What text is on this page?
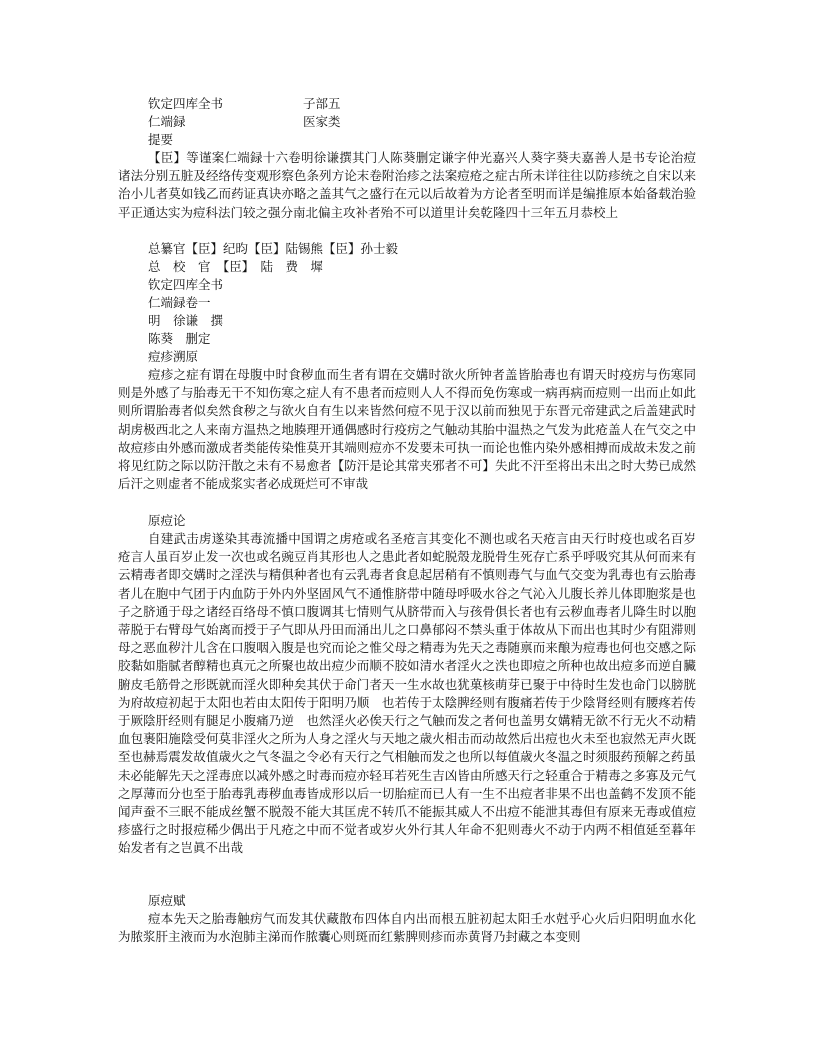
钦定四库全书	子部五
仁端録	医家类
提要

【臣】等谨案仁端録十六卷明徐谦撰其门人陈葵删定谦字仲光嘉兴人葵字葵夫嘉善人是书专论治痘诸法分别五脏及经络传变观形察色条列方论末卷附治疹之法案痘疮之症古所未详往往以防疹统之自宋以来治小儿者莫如钱乙而药证真诀亦略之盖其气之盛行在元以后故着为方论者至明而详是编推原本始备载治验平正通达实为痘科法门较之强分南北偏主攻补者殆不可以道里计矣乾隆四十三年五月恭校上

总纂官【臣】纪昀【臣】陆锡熊【臣】孙士毅
总　校　官　【臣】　陆　费　墀
钦定四库全书
仁端録卷一
明　徐谦　撰
陈葵　删定
痘疹溯原

痘疹之症有谓在母腹中时食秽血而生者有谓在交媾时欲火所钟者盖皆胎毒也有谓天时疫疠与伤寒同则是外感了与胎毒无干不知伤寒之症人有不患者而痘则人人不得而免伤寒或一病再病而痘则一出而止如此则所谓胎毒者似矣然食秽之与欲火自有生以来皆然何痘不见于汉以前而独见于东晋元帝建武之后盖建武时胡虏极西北之人来南方温热之地腠理开通偶感时行疫疠之气触动其胎中温热之气发为此疮盖人在气交之中故痘疹由外感而激成者类能传染惟莫开其端则痘亦不发要未可执一而论也惟内染外感相搏而成故未发之前将见红防之际以防汗散之未有不易愈者【防汗是论其常夹邪者不可】失此不汗至将出未出之时大势已成然后汗之则虚者不能成浆实者必成斑烂可不审哉

原痘论

自建武击虏遂染其毒流播中国谓之虏疮或名圣疮言其变化不测也或名天疮言由天行时疫也或名百岁疮言人虽百岁止发一次也或名豌豆肖其形也人之患此者如蛇脱殼龙脱骨生死存亡系乎呼吸究其从何而来有云精毒者即交媾时之淫泆与精俱种者也有云乳毒者食息起居稍有不慎则毒气与血气交变为乳毒也有云胎毒者儿在胞中气团于内血防于外内外坚固风气不通惟脐带中随母呼吸水谷之气沁入儿腹长养儿体即胞浆是也子之脐通于母之诸经百络母不慎口腹调其七情则气从脐带而入与孩骨俱长者也有云秽血毒者儿降生时以胞蒂脱于右臂母气始离而授于子气即从丹田而涌出儿之口鼻郁闷不禁头重于体故从下而出也其时少有阻滞则母之恶血秽汁儿含在口腹咽入腹是也究而论之惟父母之精毒为先天之毒随禀而来酿为痘毒也何也交感之际胶黏如脂腻者醇精也真元之所聚也故出痘少而顺不胶如清水者淫火之泆也即痘之所种也故出痘多而逆自臟腑皮毛筋骨之形既就而淫火即种矣其伏于命门者天一生水故也犹菓核萌芽已聚于中待时生发也命门以膀胱为府故痘初起于太阳也若由太阳传于阳明乃顺　也若传于太陰脾经则有腹痛若传于少陰肾经则有腰疼若传于厥陰肝经则有腿足小腹痛乃逆　也然淫火必俟天行之气触而发之者何也盖男女媾精无欲不行无火不动精血包裹阳施陰受何莫非淫火之所为人身之淫火与天地之歳火相击而动故然后出痘也火未至也寂然无声火既至也赫焉震发故值歳火之气冬温之令必有天行之气相触而发之也所以每值歳火冬温之时须服药预解之药虽未必能解先天之淫毒庶以减外感之时毒而痘亦轻耳若死生吉凶皆由所感天行之轻重合于精毒之多寡及元气之厚薄而分也至于胎毒乳毒秽血毒皆成形以后一切胎症而已人有一生不出痘者非果不出也盖鹤不发顶不能闻声蚕不三眠不能成丝蟹不脱殼不能大其匡虎不转爪不能振其威人不出痘不能泄其毒但有原来无毒或值痘疹盛行之时报痘稀少偶出于凡疮之中而不觉者或岁火外行其人年命不犯则毒火不动于内两不相值延至暮年始发者有之岂眞不出哉

原痘赋

痘本先天之胎毒触疠气而发其伏藏散布四体自内出而根五脏初起太阳壬水尅乎心火后归阳明血水化为脓浆肝主液而为水泡肺主涕而作脓囊心则斑而红紫脾则疹而赤黄肾乃封藏之本变则
